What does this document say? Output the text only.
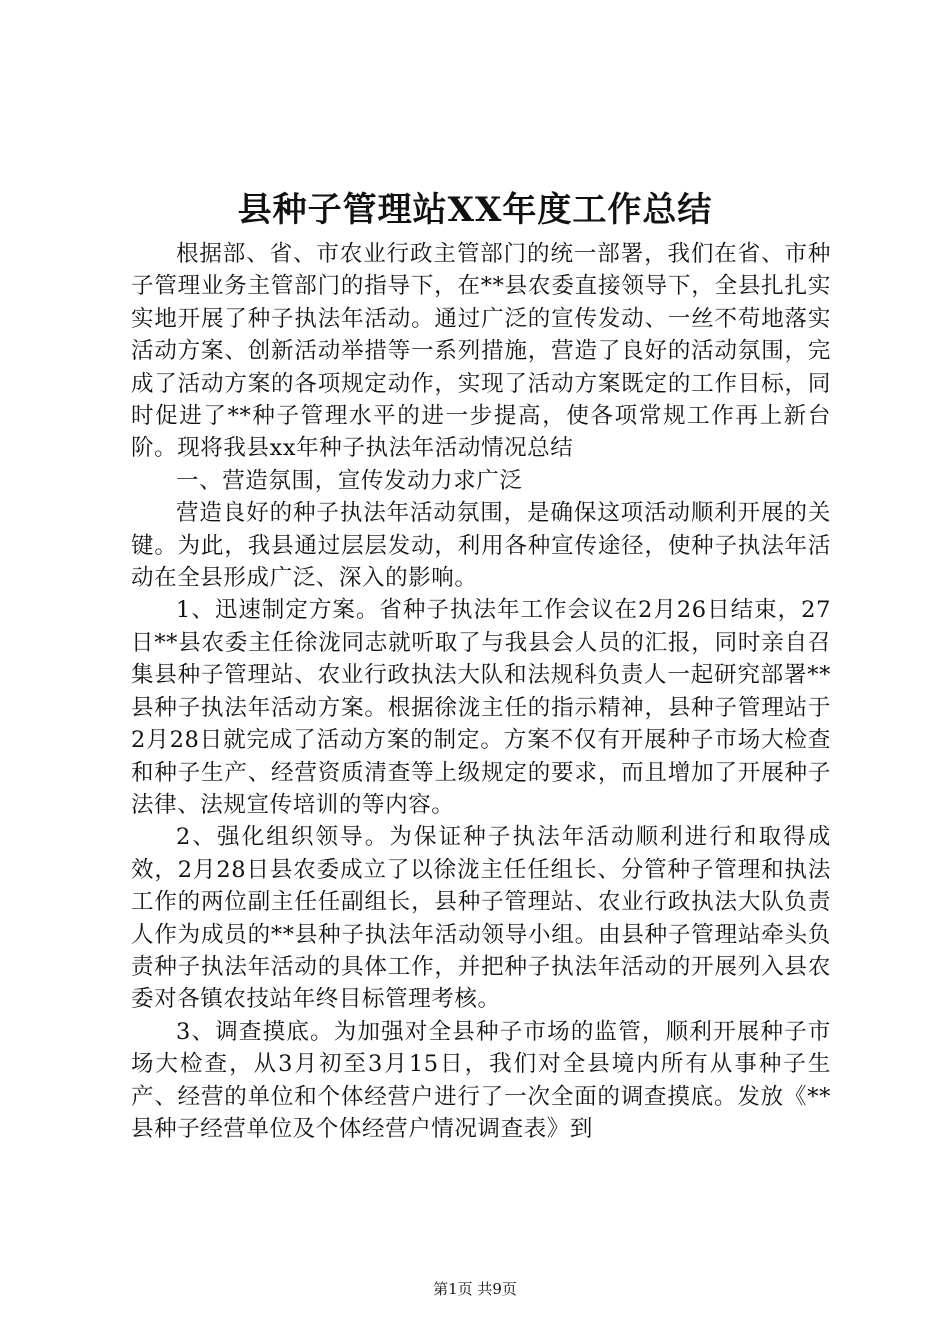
县种子管理站XX年度工作总结

根据部、省、市农业行政主管部门的统一部署，我们在省、市种子管理业务主管部门的指导下，在**县农委直接领导下，全县扎扎实实地开展了种子执法年活动。通过广泛的宣传发动、一丝不苟地落实活动方案、创新活动举措等一系列措施，营造了良好的活动氛围，完成了活动方案的各项规定动作，实现了活动方案既定的工作目标，同时促进了**种子管理水平的进一步提高，使各项常规工作再上新台阶。现将我县xx年种子执法年活动情况总结

一、营造氛围，宣传发动力求广泛

营造良好的种子执法年活动氛围，是确保这项活动顺利开展的关键。为此，我县通过层层发动，利用各种宣传途径，使种子执法年活动在全县形成广泛、深入的影响。

1、迅速制定方案。省种子执法年工作会议在2月26日结束，27日**县农委主任徐泷同志就听取了与我县会人员的汇报，同时亲自召集县种子管理站、农业行政执法大队和法规科负责人一起研究部署**县种子执法年活动方案。根据徐泷主任的指示精神，县种子管理站于2月28日就完成了活动方案的制定。方案不仅有开展种子市场大检查和种子生产、经营资质清查等上级规定的要求，而且增加了开展种子法律、法规宣传培训的等内容。

2、强化组织领导。为保证种子执法年活动顺利进行和取得成效，2月28日县农委成立了以徐泷主任任组长、分管种子管理和执法工作的两位副主任任副组长，县种子管理站、农业行政执法大队负责人作为成员的**县种子执法年活动领导小组。由县种子管理站牵头负责种子执法年活动的具体工作，并把种子执法年活动的开展列入县农委对各镇农技站年终目标管理考核。

3、调查摸底。为加强对全县种子市场的监管，顺利开展种子市场大检查，从3月初至3月15日，我们对全县境内所有从事种子生产、经营的单位和个体经营户进行了一次全面的调查摸底。发放《**县种子经营单位及个体经营户情况调查表》到

第1页 共9页
